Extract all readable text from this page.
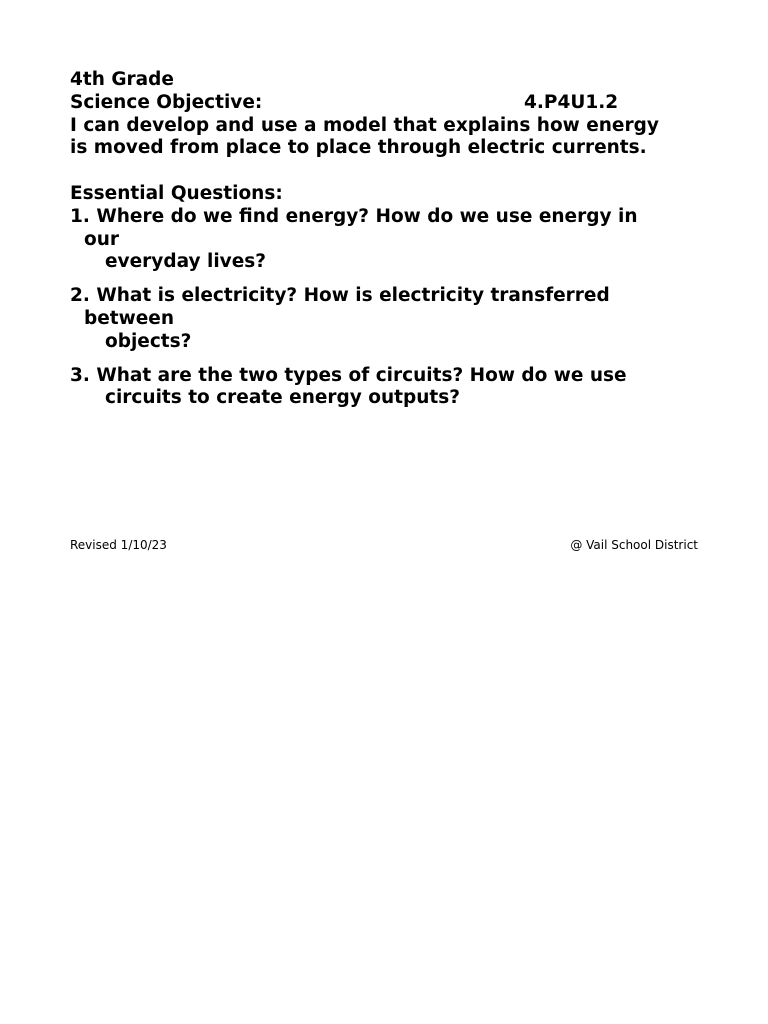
4th Grade
Science Objective:	4.P4U1.2
I can develop and use a model that explains how energy
is moved from place to place through electric currents.
Essential Questions:
1. Where do we find energy? How do we use energy in
our
everyday lives?
2. What is electricity? How is electricity transferred
between
objects?
3. What are the two types of circuits? How do we use
circuits to create energy outputs?
Revised 1/10/23	@ Vail School District
